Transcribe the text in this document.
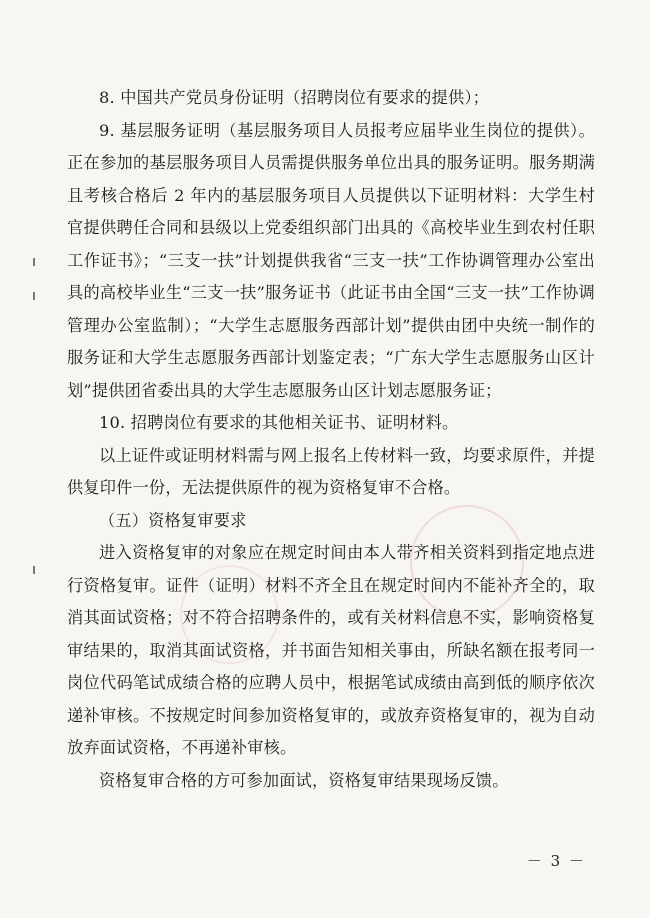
8. 中国共产党员身份证明（招聘岗位有要求的提供）；

9. 基层服务证明（基层服务项目人员报考应届毕业生岗位的提供）。正在参加的基层服务项目人员需提供服务单位出具的服务证明。服务期满且考核合格后 2 年内的基层服务项目人员提供以下证明材料：大学生村官提供聘任合同和县级以上党委组织部门出具的《高校毕业生到农村任职工作证书》；“三支一扶”计划提供我省“三支一扶”工作协调管理办公室出具的高校毕业生“三支一扶”服务证书（此证书由全国“三支一扶”工作协调管理办公室监制）；“大学生志愿服务西部计划”提供由团中央统一制作的服务证和大学生志愿服务西部计划鉴定表；“广东大学生志愿服务山区计划”提供团省委出具的大学生志愿服务山区计划志愿服务证；

10. 招聘岗位有要求的其他相关证书、证明材料。

以上证件或证明材料需与网上报名上传材料一致，均要求原件，并提供复印件一份，无法提供原件的视为资格复审不合格。

（五）资格复审要求

进入资格复审的对象应在规定时间由本人带齐相关资料到指定地点进行资格复审。证件（证明）材料不齐全且在规定时间内不能补齐全的，取消其面试资格；对不符合招聘条件的，或有关材料信息不实，影响资格复审结果的，取消其面试资格，并书面告知相关事由，所缺名额在报考同一岗位代码笔试成绩合格的应聘人员中，根据笔试成绩由高到低的顺序依次递补审核。不按规定时间参加资格复审的，或放弃资格复审的，视为自动放弃面试资格，不再递补审核。

资格复审合格的方可参加面试，资格复审结果现场反馈。

－ 3 －
